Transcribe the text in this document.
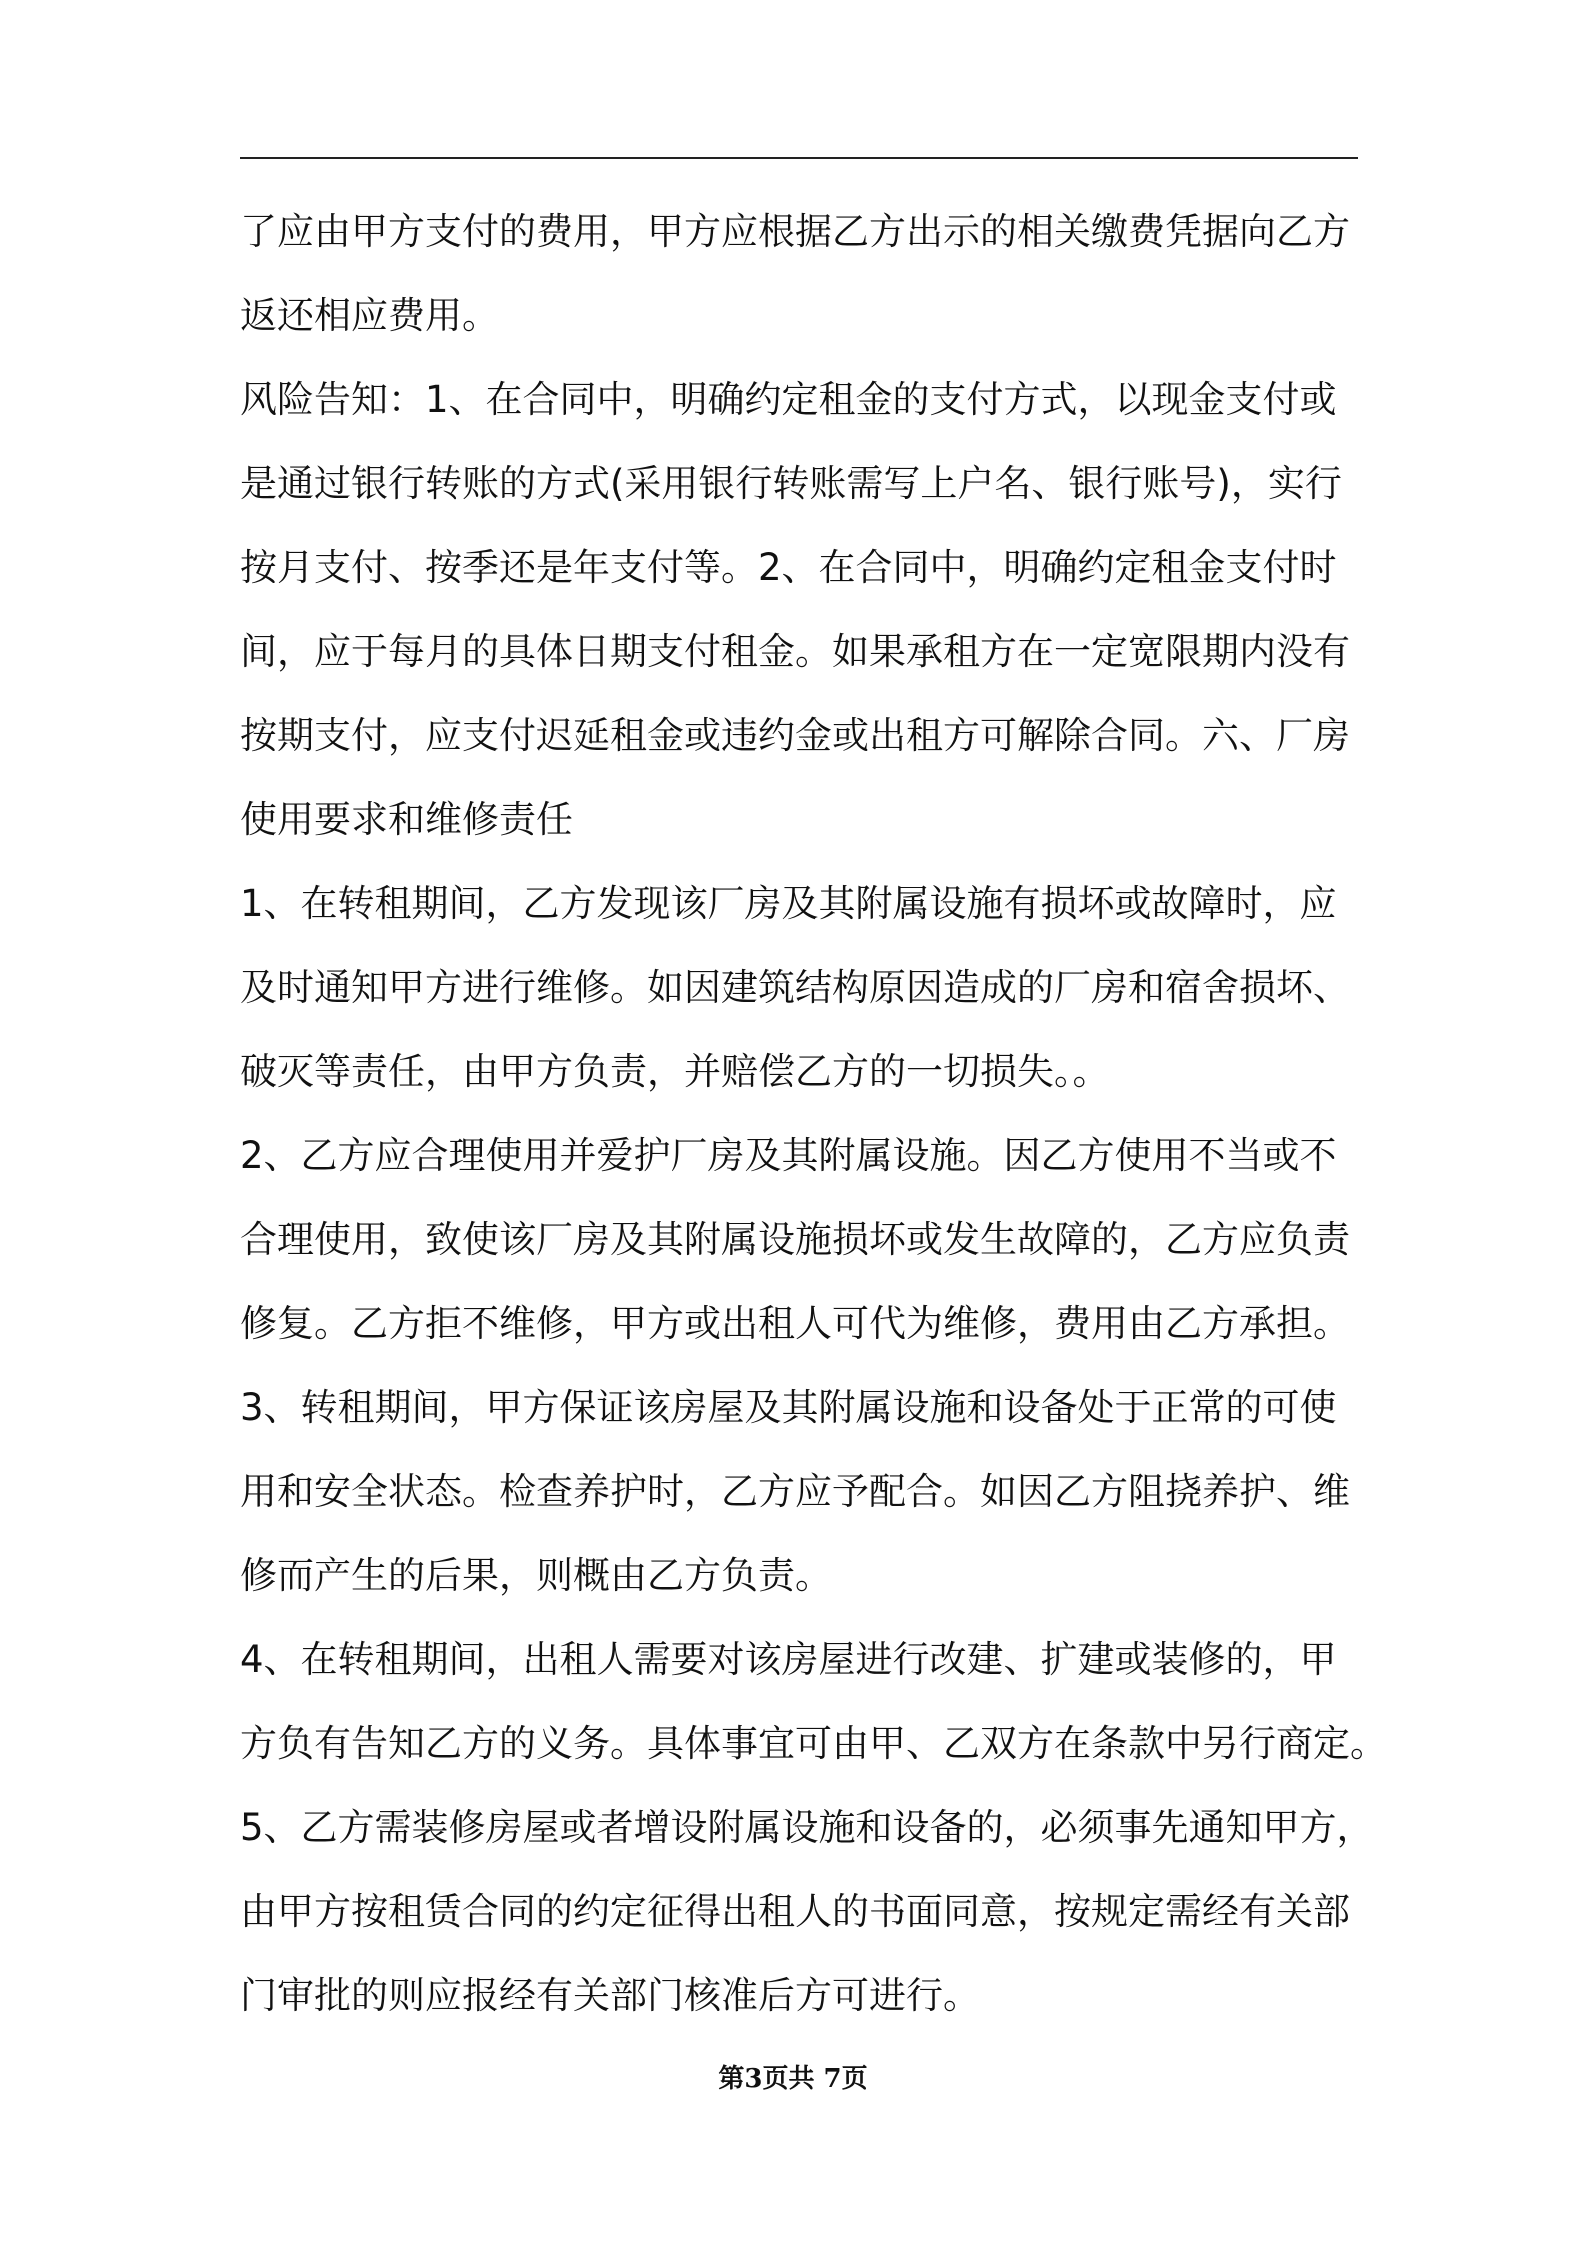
了应由甲方支付的费用，甲方应根据乙方出示的相关缴费凭据向乙方
返还相应费用。
风险告知：1、在合同中，明确约定租金的支付方式，以现金支付或
是通过银行转账的方式(采用银行转账需写上户名、银行账号)，实行
按月支付、按季还是年支付等。2、在合同中，明确约定租金支付时
间，应于每月的具体日期支付租金。如果承租方在一定宽限期内没有
按期支付，应支付迟延租金或违约金或出租方可解除合同。六、厂房
使用要求和维修责任
1、在转租期间，乙方发现该厂房及其附属设施有损坏或故障时，应
及时通知甲方进行维修。如因建筑结构原因造成的厂房和宿舍损坏、
破灭等责任，由甲方负责，并赔偿乙方的一切损失。。
2、乙方应合理使用并爱护厂房及其附属设施。因乙方使用不当或不
合理使用，致使该厂房及其附属设施损坏或发生故障的，乙方应负责
修复。乙方拒不维修，甲方或出租人可代为维修，费用由乙方承担。
3、转租期间，甲方保证该房屋及其附属设施和设备处于正常的可使
用和安全状态。检查养护时，乙方应予配合。如因乙方阻挠养护、维
修而产生的后果，则概由乙方负责。
4、在转租期间，出租人需要对该房屋进行改建、扩建或装修的，甲
方负有告知乙方的义务。具体事宜可由甲、乙双方在条款中另行商定。
5、乙方需装修房屋或者增设附属设施和设备的，必须事先通知甲方，
由甲方按租赁合同的约定征得出租人的书面同意，按规定需经有关部
门审批的则应报经有关部门核准后方可进行。
第3页共 7页
